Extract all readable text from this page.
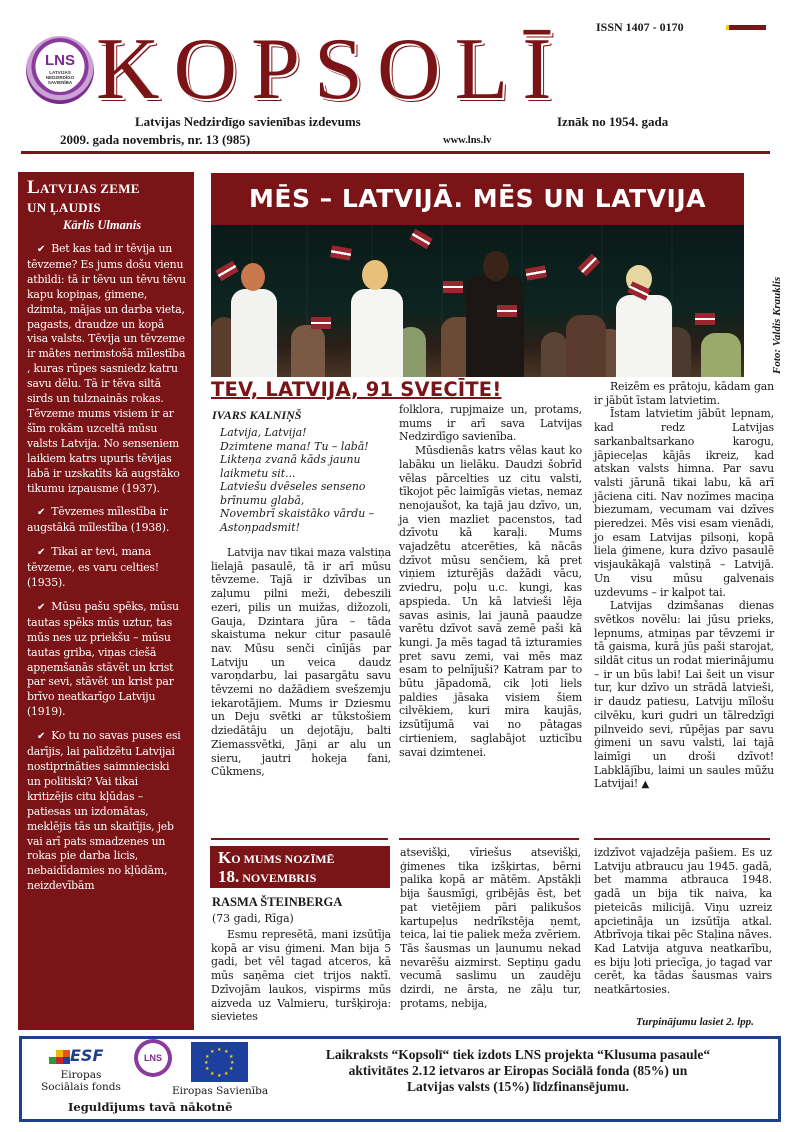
LNS
LATVIJAS NEDZIRDĪGO SAVIENĪBA KOPSOLĪ	ISSN 1407 - 0170
Latvijas Nedzirdīgo savienības izdevums	Iznāk no 1954. gada
2009. gada novembris, nr. 13 (985)	www.lns.lv
LATVIJAS ZEME
UN ĻAUDIS
Kārlis Ulmanis

✔ Bet kas tad ir tēvija un tēvzeme? Es jums došu vienu atbildi: tā ir tēvu un tēvu tēvu kapu kopiņas, ģimene, dzimta, mājas un darba vieta, pagasts, draudze un kopā visa valsts. Tēvija un tēvzeme ir mātes nerimstošā mīlestība , kuras rūpes sasniedz katru savu dēlu. Tā ir tēva siltā sirds un tulznainās rokas. Tēvzeme mums visiem ir ar šīm rokām uzceltā mūsu valsts Latvija. No senseniem laikiem katrs upuris tēvijas labā ir uzskatīts kā augstāko tikumu izpausme (1937).

✔ Tēvzemes mīlestība ir augstākā mīlestība (1938).

✔ Tikai ar tevi, mana tēvzeme, es varu celties! (1935).

✔ Mūsu pašu spēks, mūsu tautas spēks mūs uztur, tas mūs nes uz priekšu – mūsu tautas griba, viņas ciešā apņemšanās stāvēt un krist par sevi, stāvēt un krist par brīvo neatkarīgo Latviju (1919).

✔ Ko tu no savas puses esi darījis, lai palīdzētu Latvijai nostiprināties saimnieciski un politiski? Vai tikai kritizējis citu kļūdas – patiesas un izdomātas, meklējis tās un skaitījis, jeb vai arī pats smadzenes un rokas pie darba licis, nebaidīdamies no kļūdām, neizdevībām

MĒS – LATVIJĀ. MĒS UN LATVIJA
Foto: Valdis Krauklis
TEV, LATVIJA, 91 SVECĪTE!
IVARS KALNIŅŠ
Latvija, Latvija!
Dzimtene mana! Tu – labā!
Likteņa zvanā kāds jaunu laikmetu sit...
Latviešu dvēseles senseno brīnumu glabā,
Novembrī skaistāko vārdu – Astoņpadsmit!

Latvija nav tikai maza valstiņa lielajā pasaulē, tā ir arī mūsu tēvzeme. Tajā ir dzīvības un zaļumu pilni meži, debeszili ezeri, pilis un muižas, dižozoli, Gauja, Dzintara jūra – tāda skaistuma nekur citur pasaulē nav. Mūsu senči cīnījās par Latviju un veica daudz varoņdarbu, lai pasargātu savu tēvzemi no dažādiem svešzemju iekarotājiem. Mums ir Dziesmu un Deju svētki ar tūkstošiem dziedātāju un dejotāju, balti Ziemassvētki, Jāņi ar alu un sieru, jautri hokeja fani, Cūkmens,

folklora, rupjmaize un, protams, mums ir arī sava Latvijas Nedzirdīgo savienība.

Mūsdienās katrs vēlas kaut ko labāku un lielāku. Daudzi šobrīd vēlas pārcelties uz citu valsti, tīkojot pēc laimīgās vietas, nemaz nenojaušot, ka tajā jau dzīvo, un, ja vien mazliet pacenstos, tad dzīvotu kā karaļi. Mums vajadzētu atcerēties, kā nācās dzīvot mūsu senčiem, kā pret viņiem izturējās dažādi vācu, zviedru, poļu u.c. kungi, kas apspieda. Un kā latvieši lēja savas asinis, lai jaunā paaudze varētu dzīvot savā zemē paši kā kungi. Ja mēs tagad tā izturamies pret savu zemi, vai mēs maz esam to pelnījuši? Katram par to būtu jāpadomā, cik ļoti liels paldies jāsaka visiem šiem cilvēkiem, kuri mira kaujās, izsūtījumā vai no pātagas cirtieniem, saglabājot uzticību savai dzimtenei.

Reizēm es prātoju, kādam gan ir jābūt īstam latvietim.

Īstam latvietim jābūt lepnam, kad redz Latvijas sarkanbaltsarkano karogu, jāpieceļas kājās ikreiz, kad atskan valsts himna. Par savu valsti jārunā tikai labu, kā arī jāciena citi. Nav nozīmes maciņa biezumam, vecumam vai dzīves pieredzei. Mēs visi esam vienādi, jo esam Latvijas pilsoņi, kopā liela ģimene, kura dzīvo pasaulē visjaukākajā valstiņā – Latvijā. Un visu mūsu galvenais uzdevums – ir kalpot tai.

Latvijas dzimšanas dienas svētkos novēlu: lai jūsu prieks, lepnums, atmiņas par tēvzemi ir tā gaisma, kurā jūs paši starojat, sildāt citus un rodat mierinājumu – ir un būs labi! Lai šeit un visur tur, kur dzīvo un strādā latvieši, ir daudz patiesu, Latviju mīlošu cilvēku, kuri gudri un tālredzīgi pilnveido sevi, rūpējas par savu ģimeni un savu valsti, lai tajā laimīgi un droši dzīvot! Labklājību, laimi un saules mūžu Latvijai! ▲

KO MUMS NOZĪMĒ
18. NOVEMBRIS
RASMA ŠTEINBERGA
(73 gadi, Rīga)

Esmu represētā, mani izsūtīja kopā ar visu ģimeni. Man bija 5 gadi, bet vēl tagad atceros, kā mūs saņēma ciet trijos naktī. Dzīvojām laukos, vispirms mūs aizveda uz Valmieru, turšķiroja: sievietes

atsevišķi, vīriešus atsevišķi, ģimenes tika izšķirtas, bērni palika kopā ar mātēm. Apstākļi bija šausmīgi, gribējās ēst, bet pat vietējiem pāri palikušos kartupeļus nedrīkstēja ņemt, teica, lai tie paliek meža zvēriem. Tās šausmas un ļaunumu nekad nevarēšu aizmirst. Septiņu gadu vecumā saslimu un zaudēju dzirdi, ne ārsta, ne zāļu tur, protams, nebija,

izdzīvot vajadzēja pašiem. Es uz Latviju atbraucu jau 1945. gadā, bet mamma atbrauca 1948. gadā un bija tik naiva, ka pieteicās milicijā. Viņu uzreiz apcietināja un izsūtīja atkal. Atbrīvoja tikai pēc Staļina nāves. Kad Latvija atguva neatkarību, es biju ļoti priecīga, jo tagad var cerēt, ka tādas šausmas vairs neatkārtosies.

Turpinājumu lasiet 2. lpp.
ESF
Eiropas Sociālais fonds
LNS
★ ★
★
★
★
★
★
★
★
★
★
★
Eiropas Savienība
Ieguldījums tavā nākotnē
Laikraksts “Kopsolī“ tiek izdots LNS projekta “Klusuma pasaule“
aktivitātes 2.12 ietvaros ar Eiropas Sociālā fonda (85%) un
Latvijas valsts (15%) līdzfinansējumu.
